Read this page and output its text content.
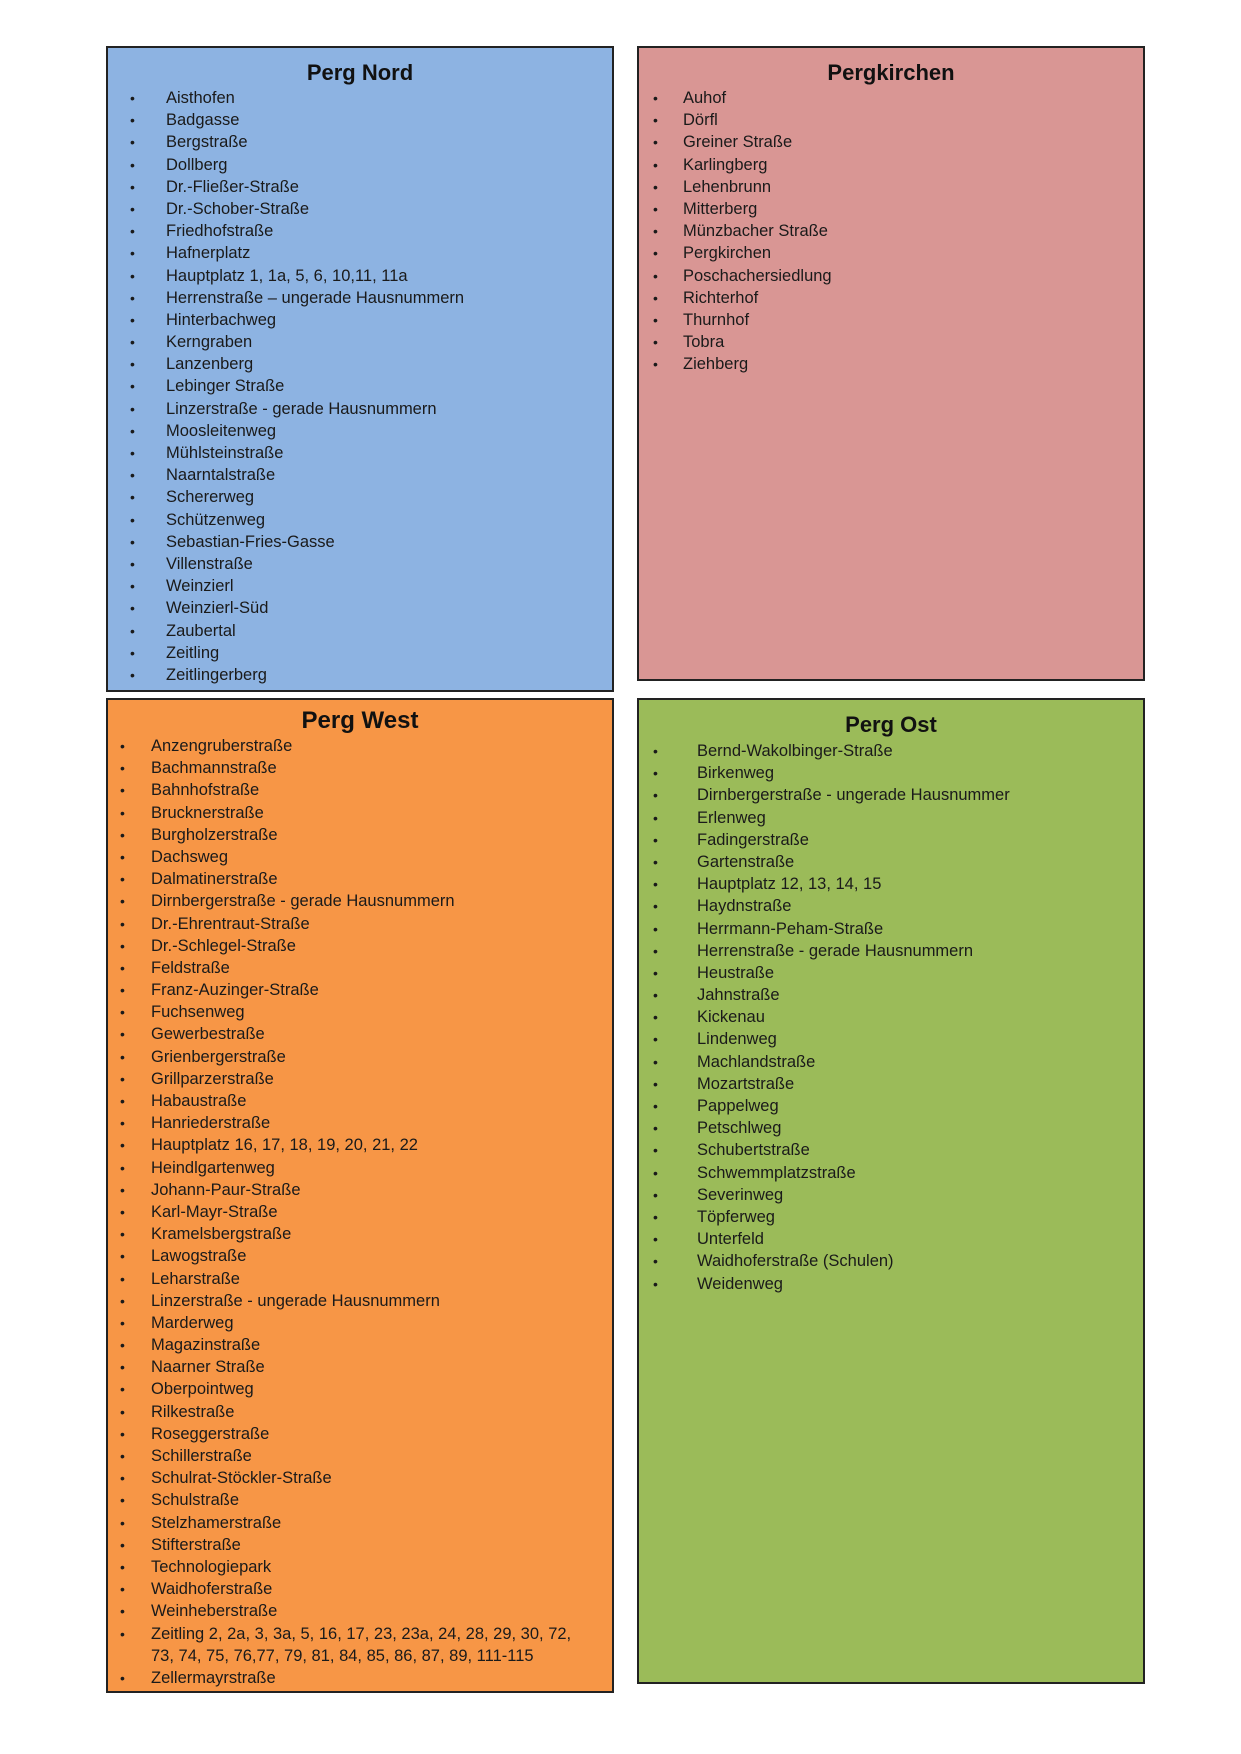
Perg Nord
• Aisthofen
• Badgasse
• Bergstraße
• Dollberg
• Dr.-Fließer-Straße
• Dr.-Schober-Straße
• Friedhofstraße
• Hafnerplatz
• Hauptplatz 1, 1a, 5, 6, 10,11, 11a
• Herrenstraße – ungerade Hausnummern
• Hinterbachweg
• Kerngraben
• Lanzenberg
• Lebinger Straße
• Linzerstraße - gerade Hausnummern
• Moosleitenweg
• Mühlsteinstraße
• Naarntalstraße
• Schererweg
• Schützenweg
• Sebastian-Fries-Gasse
• Villenstraße
• Weinzierl
• Weinzierl-Süd
• Zaubertal
• Zeitling
• Zeitlingerberg
Pergkirchen
• Auhof
• Dörfl
• Greiner Straße
• Karlingberg
• Lehenbrunn
• Mitterberg
• Münzbacher Straße
• Pergkirchen
• Poschachersiedlung
• Richterhof
• Thurnhof
• Tobra
• Ziehberg
Perg West
• Anzengruberstraße
• Bachmannstraße
• Bahnhofstraße
• Brucknerstraße
• Burgholzerstraße
• Dachsweg
• Dalmatinerstraße
• Dirnbergerstraße - gerade Hausnummern
• Dr.-Ehrentraut-Straße
• Dr.-Schlegel-Straße
• Feldstraße
• Franz-Auzinger-Straße
• Fuchsenweg
• Gewerbestraße
• Grienbergerstraße
• Grillparzerstraße
• Habaustraße
• Hanriederstraße
• Hauptplatz 16, 17, 18, 19, 20, 21, 22
• Heindlgartenweg
• Johann-Paur-Straße
• Karl-Mayr-Straße
• Kramelsbergstraße
• Lawogstraße
• Leharstraße
• Linzerstraße - ungerade Hausnummern
• Marderweg
• Magazinstraße
• Naarner Straße
• Oberpointweg
• Rilkestraße
• Roseggerstraße
• Schillerstraße
• Schulrat-Stöckler-Straße
• Schulstraße
• Stelzhamerstraße
• Stifterstraße
• Technologiepark
• Waidhoferstraße
• Weinheberstraße
• Zeitling 2, 2a, 3, 3a, 5, 16, 17, 23, 23a, 24, 28, 29, 30, 72, 73, 74, 75, 76,77, 79, 81, 84, 85, 86, 87, 89, 111-115
• Zellermayrstraße
Perg Ost
• Bernd-Wakolbinger-Straße
• Birkenweg
• Dirnbergerstraße - ungerade Hausnummer
• Erlenweg
• Fadingerstraße
• Gartenstraße
• Hauptplatz 12, 13, 14, 15
• Haydnstraße
• Herrmann-Peham-Straße
• Herrenstraße - gerade Hausnummern
• Heustraße
• Jahnstraße
• Kickenau
• Lindenweg
• Machlandstraße
• Mozartstraße
• Pappelweg
• Petschlweg
• Schubertstraße
• Schwemmplatzstraße
• Severinweg
• Töpferweg
• Unterfeld
• Waidhoferstraße (Schulen)
• Weidenweg
